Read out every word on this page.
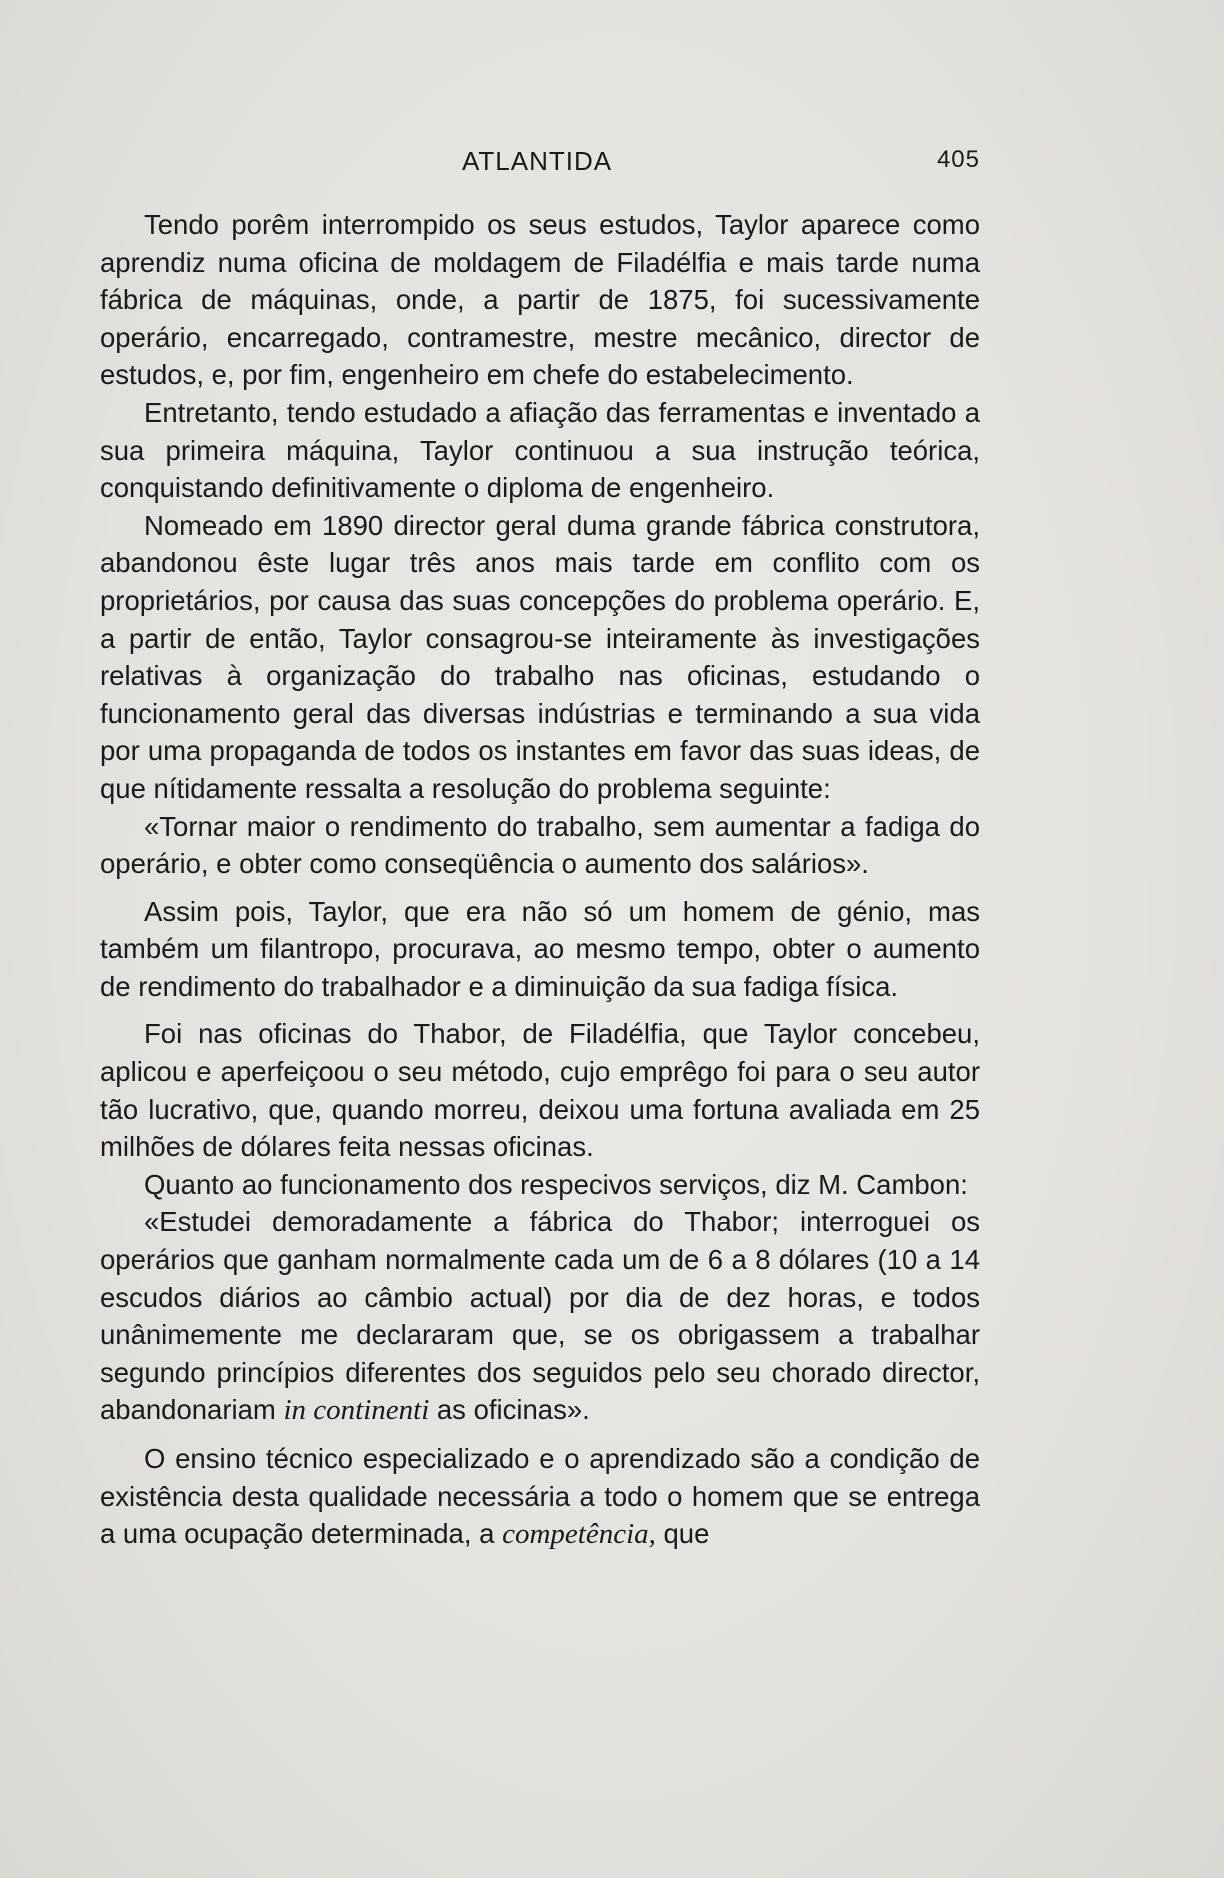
ATLANTIDA	405

Tendo porêm interrompido os seus estudos, Taylor aparece como aprendiz numa oficina de moldagem de Filadélfia e mais tarde numa fábrica de máquinas, onde, a partir de 1875, foi sucessivamente operário, encarregado, contramestre, mestre mecânico, director de estudos, e, por fim, engenheiro em chefe do estabelecimento.

Entretanto, tendo estudado a afiação das ferramentas e inventado a sua primeira máquina, Taylor continuou a sua instrução teórica, conquistando definitivamente o diploma de engenheiro.

Nomeado em 1890 director geral duma grande fábrica construtora, abandonou êste lugar três anos mais tarde em conflito com os proprietários, por causa das suas concepções do problema operário. E, a partir de então, Taylor consagrou-se inteiramente às investigações relativas à organização do trabalho nas oficinas, estudando o funcionamento geral das diversas indústrias e terminando a sua vida por uma propaganda de todos os instantes em favor das suas ideas, de que nítidamente ressalta a resolução do problema seguinte:

«Tornar maior o rendimento do trabalho, sem aumentar a fadiga do operário, e obter como conseqüência o aumento dos salários».

Assim pois, Taylor, que era não só um homem de génio, mas também um filantropo, procurava, ao mesmo tempo, obter o aumento de rendimento do trabalhador e a diminuição da sua fadiga física.

Foi nas oficinas do Thabor, de Filadélfia, que Taylor concebeu, aplicou e aperfeiçoou o seu método, cujo emprêgo foi para o seu autor tão lucrativo, que, quando morreu, deixou uma fortuna avaliada em 25 milhões de dólares feita nessas oficinas.

Quanto ao funcionamento dos respecivos serviços, diz M. Cambon:

«Estudei demoradamente a fábrica do Thabor; interroguei os operários que ganham normalmente cada um de 6 a 8 dólares (10 a 14 escudos diários ao câmbio actual) por dia de dez horas, e todos unânimemente me declararam que, se os obrigassem a trabalhar segundo princípios diferentes dos seguidos pelo seu chorado director, abandonariam in continenti as oficinas».

O ensino técnico especializado e o aprendizado são a condição de existência desta qualidade necessária a todo o homem que se entrega a uma ocupação determinada, a competência, que
